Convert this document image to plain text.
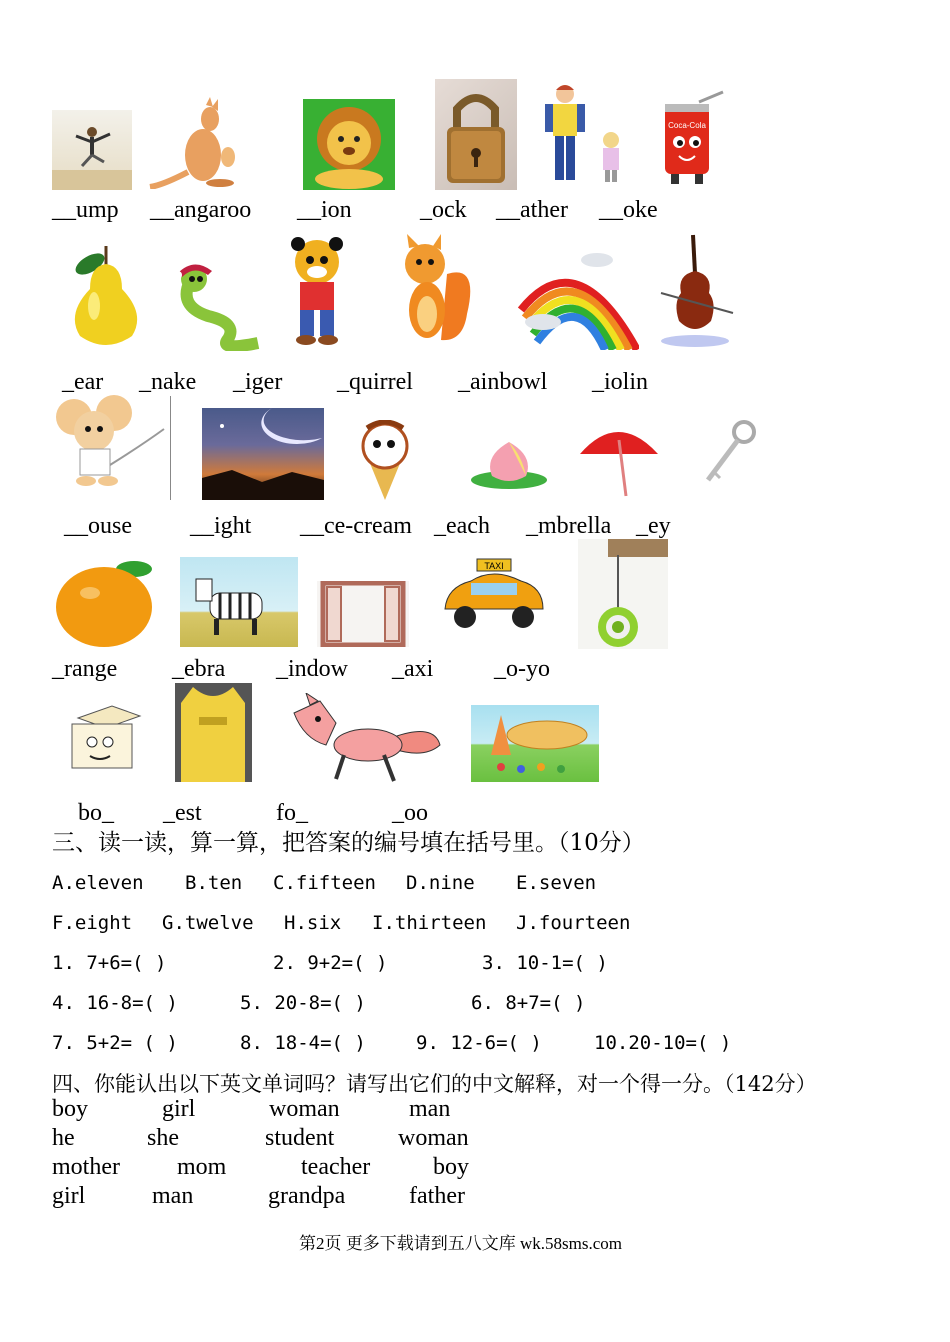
Coca-Cola
__ump __angaroo __ion	_ock __ather __oke
_ear _nake _iger _quirrel _ainbowl _iolin
__ouse __ight __ce-cream _each _mbrella _ey
TAXI
_range _ebra _indow _axi	_o-yo
bo_ _est	fo_	_oo
三、读一读，算一算，把答案的编号填在括号里。（10分）
A.eleven B.ten C.fifteen D.nine E.seven
F.eight G.twelve H.six I.thirteen J.fourteen
1. 7+6=( )	2. 9+2=( )	3. 10-1=( )
4. 16-8=( )	5. 20-8=( )	6. 8+7=( )
7. 5+2= ( )	8. 18-4=( )	9. 12-6=( )	10.20-10=( )
四、你能认出以下英文单词吗？请写出它们的中文解释，对一个得一分。（142分）
boy	girl	woman	man
he	she	student	woman
mother mom	teacher	boy
girl	man	grandpa	father
第2页 更多下载请到五八文库 wk.58sms.com
